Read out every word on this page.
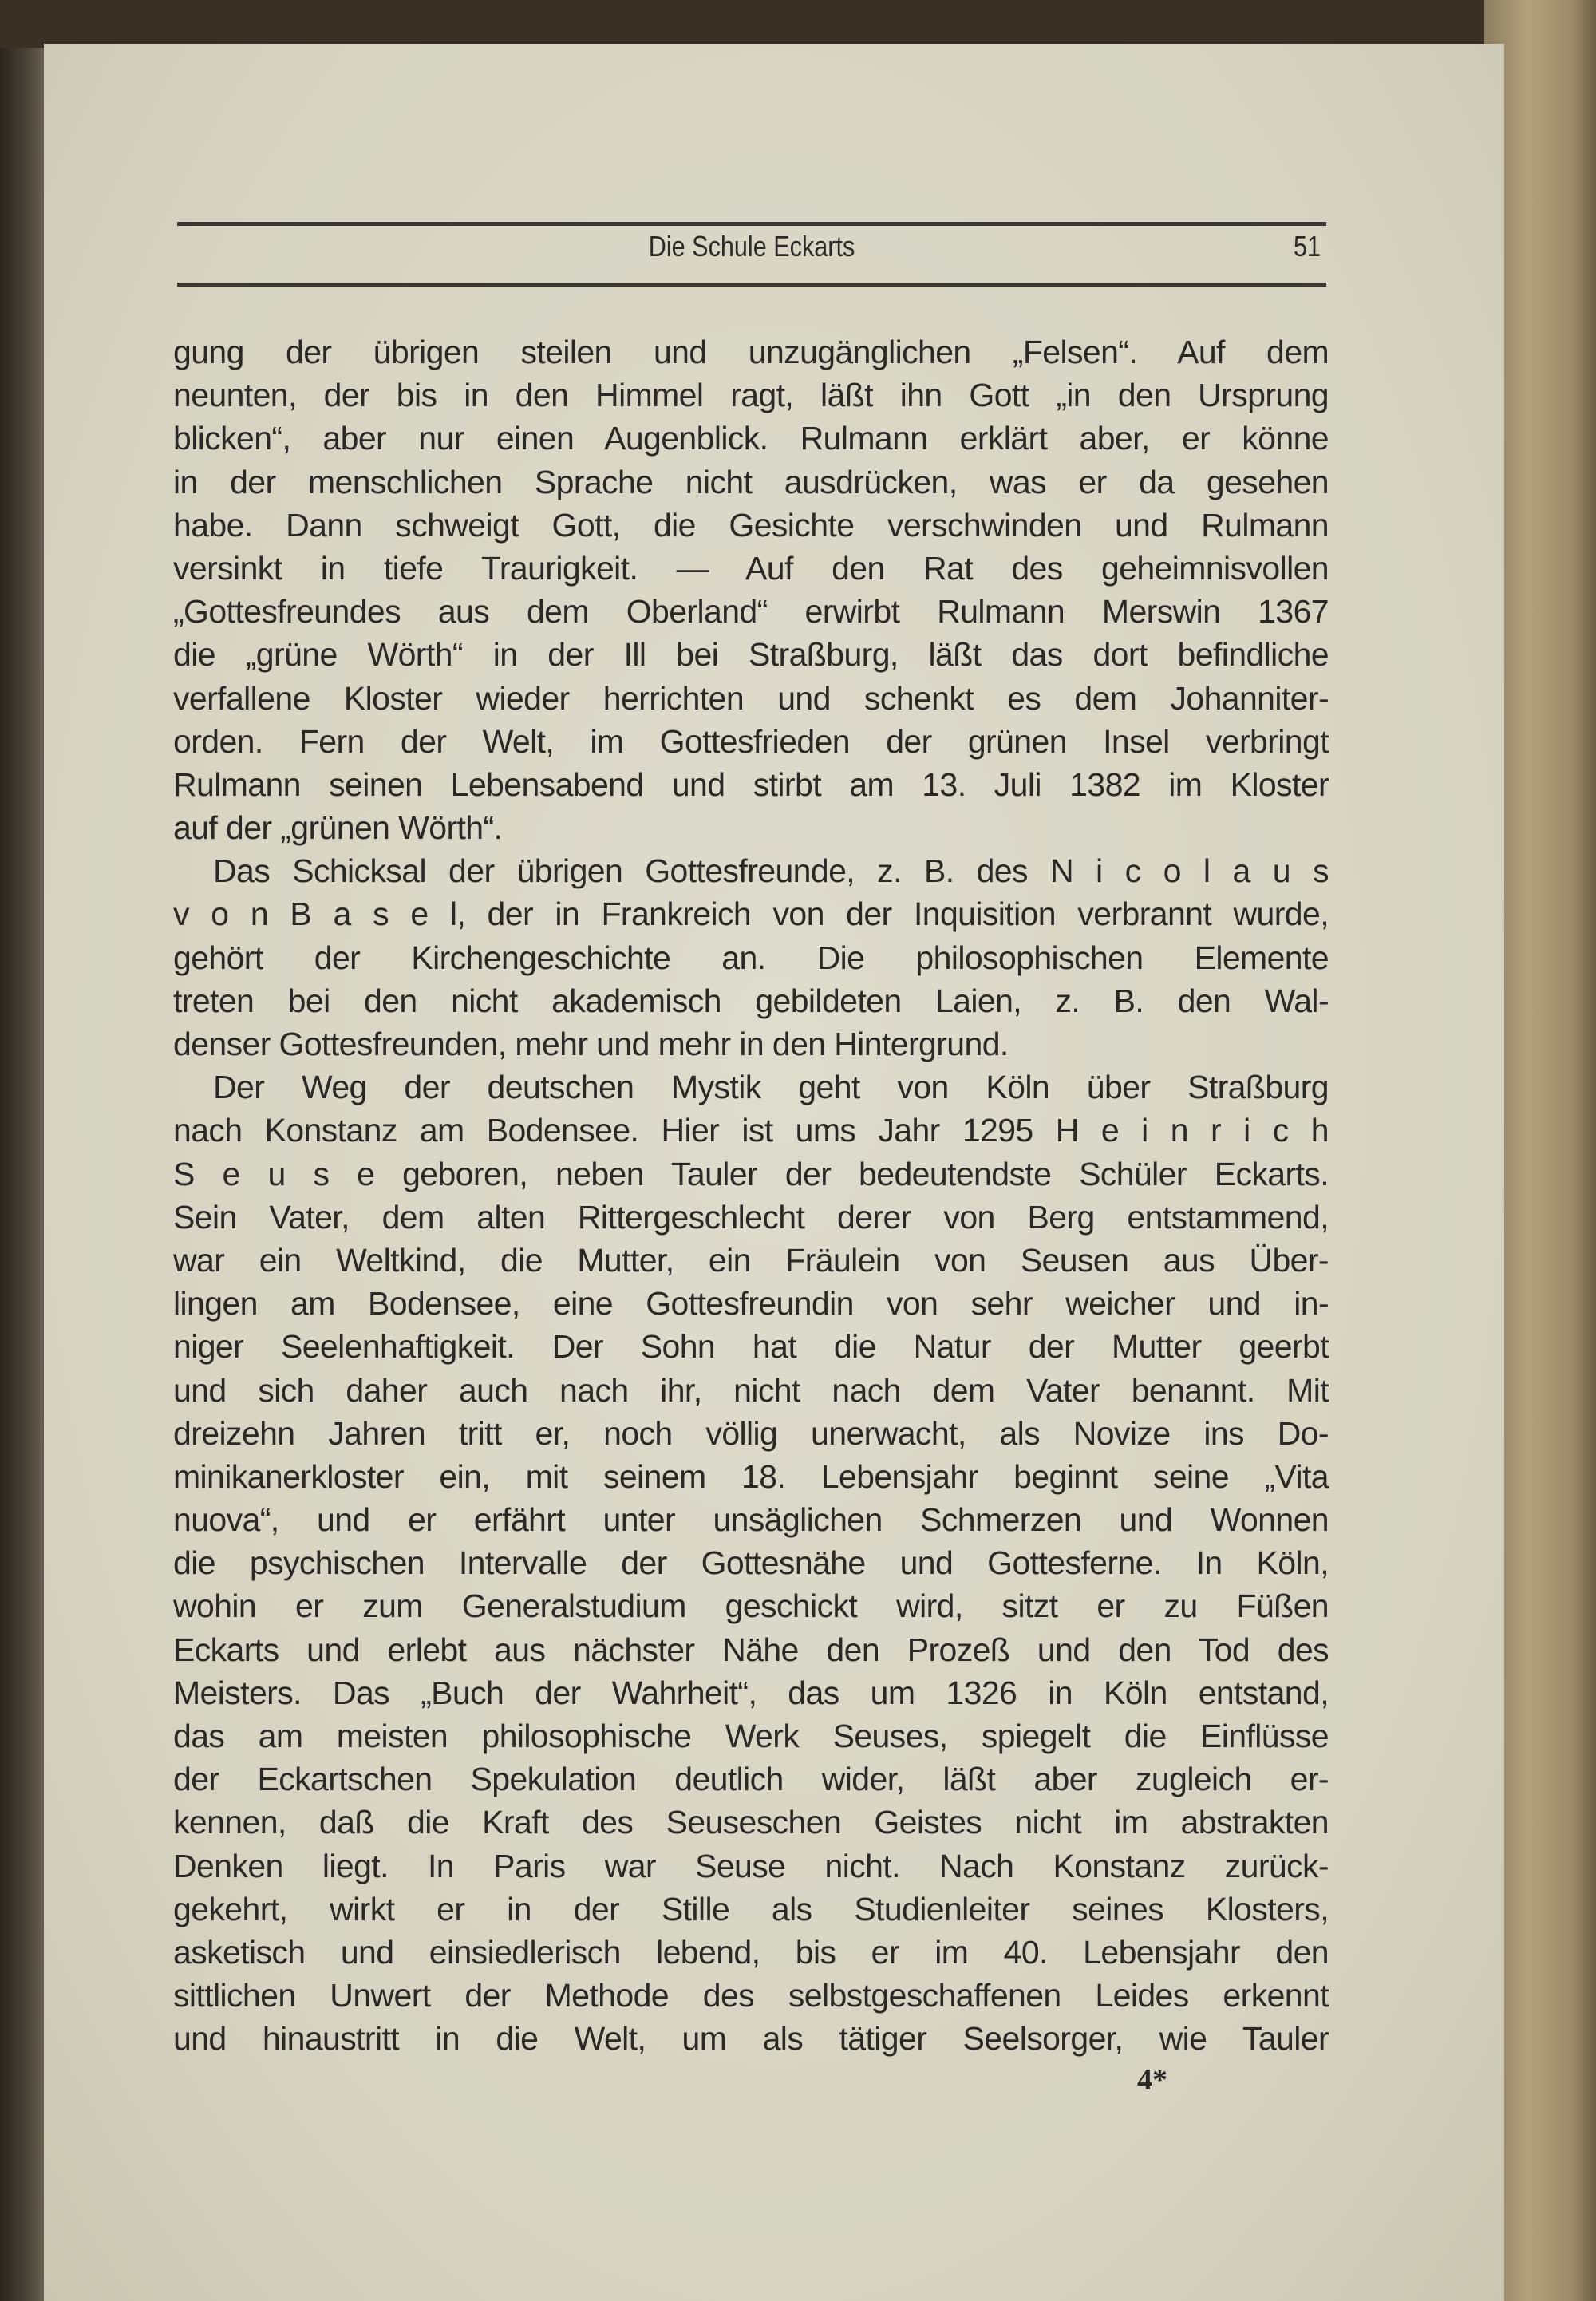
Die Schule Eckarts	51
gung der übrigen steilen und unzugänglichen „Felsen“. Auf dem
neunten, der bis in den Himmel ragt, läßt ihn Gott „in den Ursprung
blicken“, aber nur einen Augenblick. Rulmann erklärt aber, er könne
in der menschlichen Sprache nicht ausdrücken, was er da gesehen
habe. Dann schweigt Gott, die Gesichte verschwinden und Rulmann
versinkt in tiefe Traurigkeit. — Auf den Rat des geheimnisvollen
„Gottesfreundes aus dem Oberland“ erwirbt Rulmann Merswin 1367
die „grüne Wörth“ in der Ill bei Straßburg, läßt das dort befindliche
verfallene Kloster wieder herrichten und schenkt es dem Johanniter-
orden. Fern der Welt, im Gottesfrieden der grünen Insel verbringt
Rulmann seinen Lebensabend und stirbt am 13. Juli 1382 im Kloster
auf der „grünen Wörth“.
Das Schicksal der übrigen Gottesfreunde, z. B. des N i c o l a u s
v o n B a s e l, der in Frankreich von der Inquisition verbrannt wurde,
gehört der Kirchengeschichte an. Die philosophischen Elemente
treten bei den nicht akademisch gebildeten Laien, z. B. den Wal-
denser Gottesfreunden, mehr und mehr in den Hintergrund.
Der Weg der deutschen Mystik geht von Köln über Straßburg
nach Konstanz am Bodensee. Hier ist ums Jahr 1295 H e i n r i c h
S e u s e geboren, neben Tauler der bedeutendste Schüler Eckarts.
Sein Vater, dem alten Rittergeschlecht derer von Berg entstammend,
war ein Weltkind, die Mutter, ein Fräulein von Seusen aus Über-
lingen am Bodensee, eine Gottesfreundin von sehr weicher und in-
niger Seelenhaftigkeit. Der Sohn hat die Natur der Mutter geerbt
und sich daher auch nach ihr, nicht nach dem Vater benannt. Mit
dreizehn Jahren tritt er, noch völlig unerwacht, als Novize ins Do-
minikanerkloster ein, mit seinem 18. Lebensjahr beginnt seine „Vita
nuova“, und er erfährt unter unsäglichen Schmerzen und Wonnen
die psychischen Intervalle der Gottesnähe und Gottesferne. In Köln,
wohin er zum Generalstudium geschickt wird, sitzt er zu Füßen
Eckarts und erlebt aus nächster Nähe den Prozeß und den Tod des
Meisters. Das „Buch der Wahrheit“, das um 1326 in Köln entstand,
das am meisten philosophische Werk Seuses, spiegelt die Einflüsse
der Eckartschen Spekulation deutlich wider, läßt aber zugleich er-
kennen, daß die Kraft des Seuseschen Geistes nicht im abstrakten
Denken liegt. In Paris war Seuse nicht. Nach Konstanz zurück-
gekehrt, wirkt er in der Stille als Studienleiter seines Klosters,
asketisch und einsiedlerisch lebend, bis er im 40. Lebensjahr den
sittlichen Unwert der Methode des selbstgeschaffenen Leides erkennt
und hinaustritt in die Welt, um als tätiger Seelsorger, wie Tauler
4*
